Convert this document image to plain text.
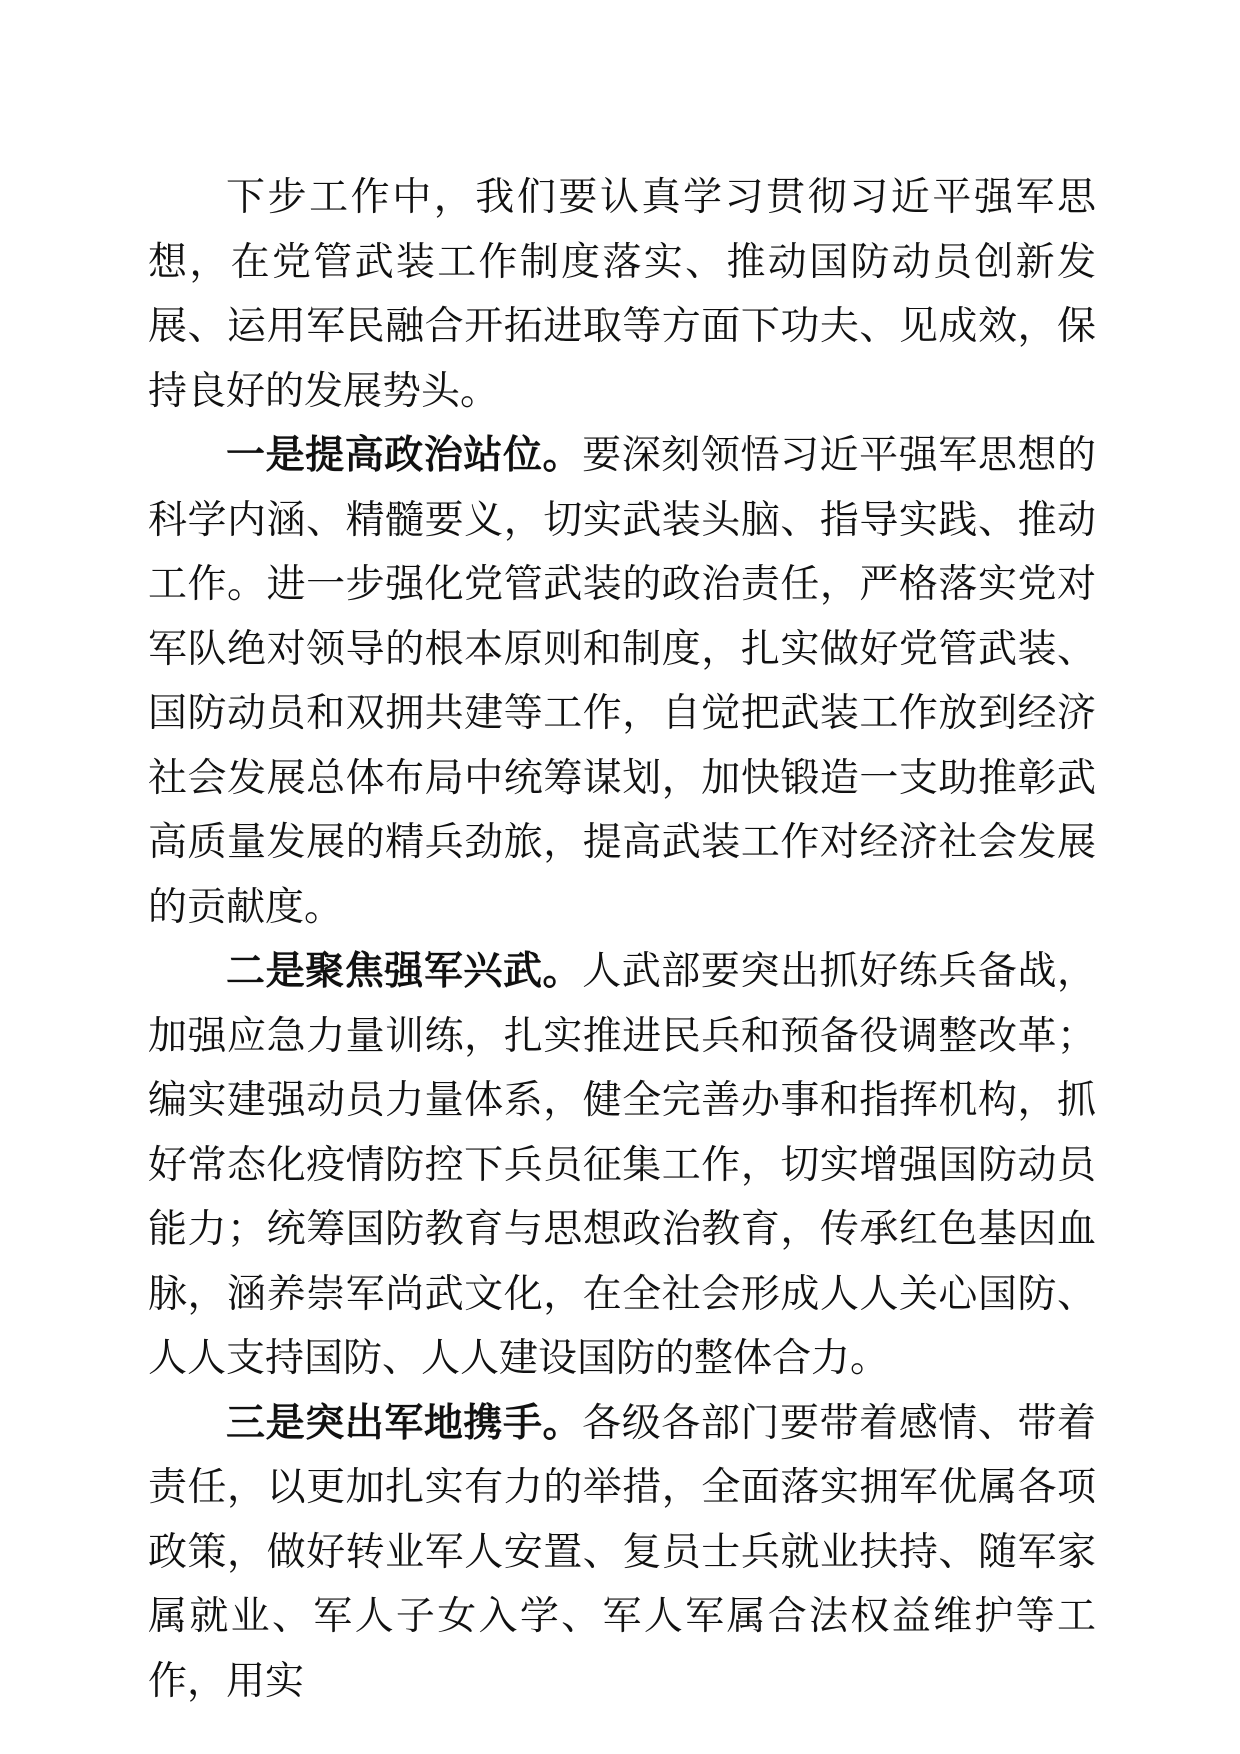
下步工作中，我们要认真学习贯彻习近平强军思想，在党管武装工作制度落实、推动国防动员创新发展、运用军民融合开拓进取等方面下功夫、见成效，保持良好的发展势头。

一是提高政治站位。要深刻领悟习近平强军思想的科学内涵、精髓要义，切实武装头脑、指导实践、推动工作。进一步强化党管武装的政治责任，严格落实党对军队绝对领导的根本原则和制度，扎实做好党管武装、国防动员和双拥共建等工作，自觉把武装工作放到经济社会发展总体布局中统筹谋划，加快锻造一支助推彰武高质量发展的精兵劲旅，提高武装工作对经济社会发展的贡献度。

二是聚焦强军兴武。人武部要突出抓好练兵备战，加强应急力量训练，扎实推进民兵和预备役调整改革；编实建强动员力量体系，健全完善办事和指挥机构，抓好常态化疫情防控下兵员征集工作，切实增强国防动员能力；统筹国防教育与思想政治教育，传承红色基因血脉，涵养崇军尚武文化，在全社会形成人人关心国防、人人支持国防、人人建设国防的整体合力。

三是突出军地携手。各级各部门要带着感情、带着责任，以更加扎实有力的举措，全面落实拥军优属各项政策，做好转业军人安置、复员士兵就业扶持、随军家属就业、军人子女入学、军人军属合法权益维护等工作，用实
